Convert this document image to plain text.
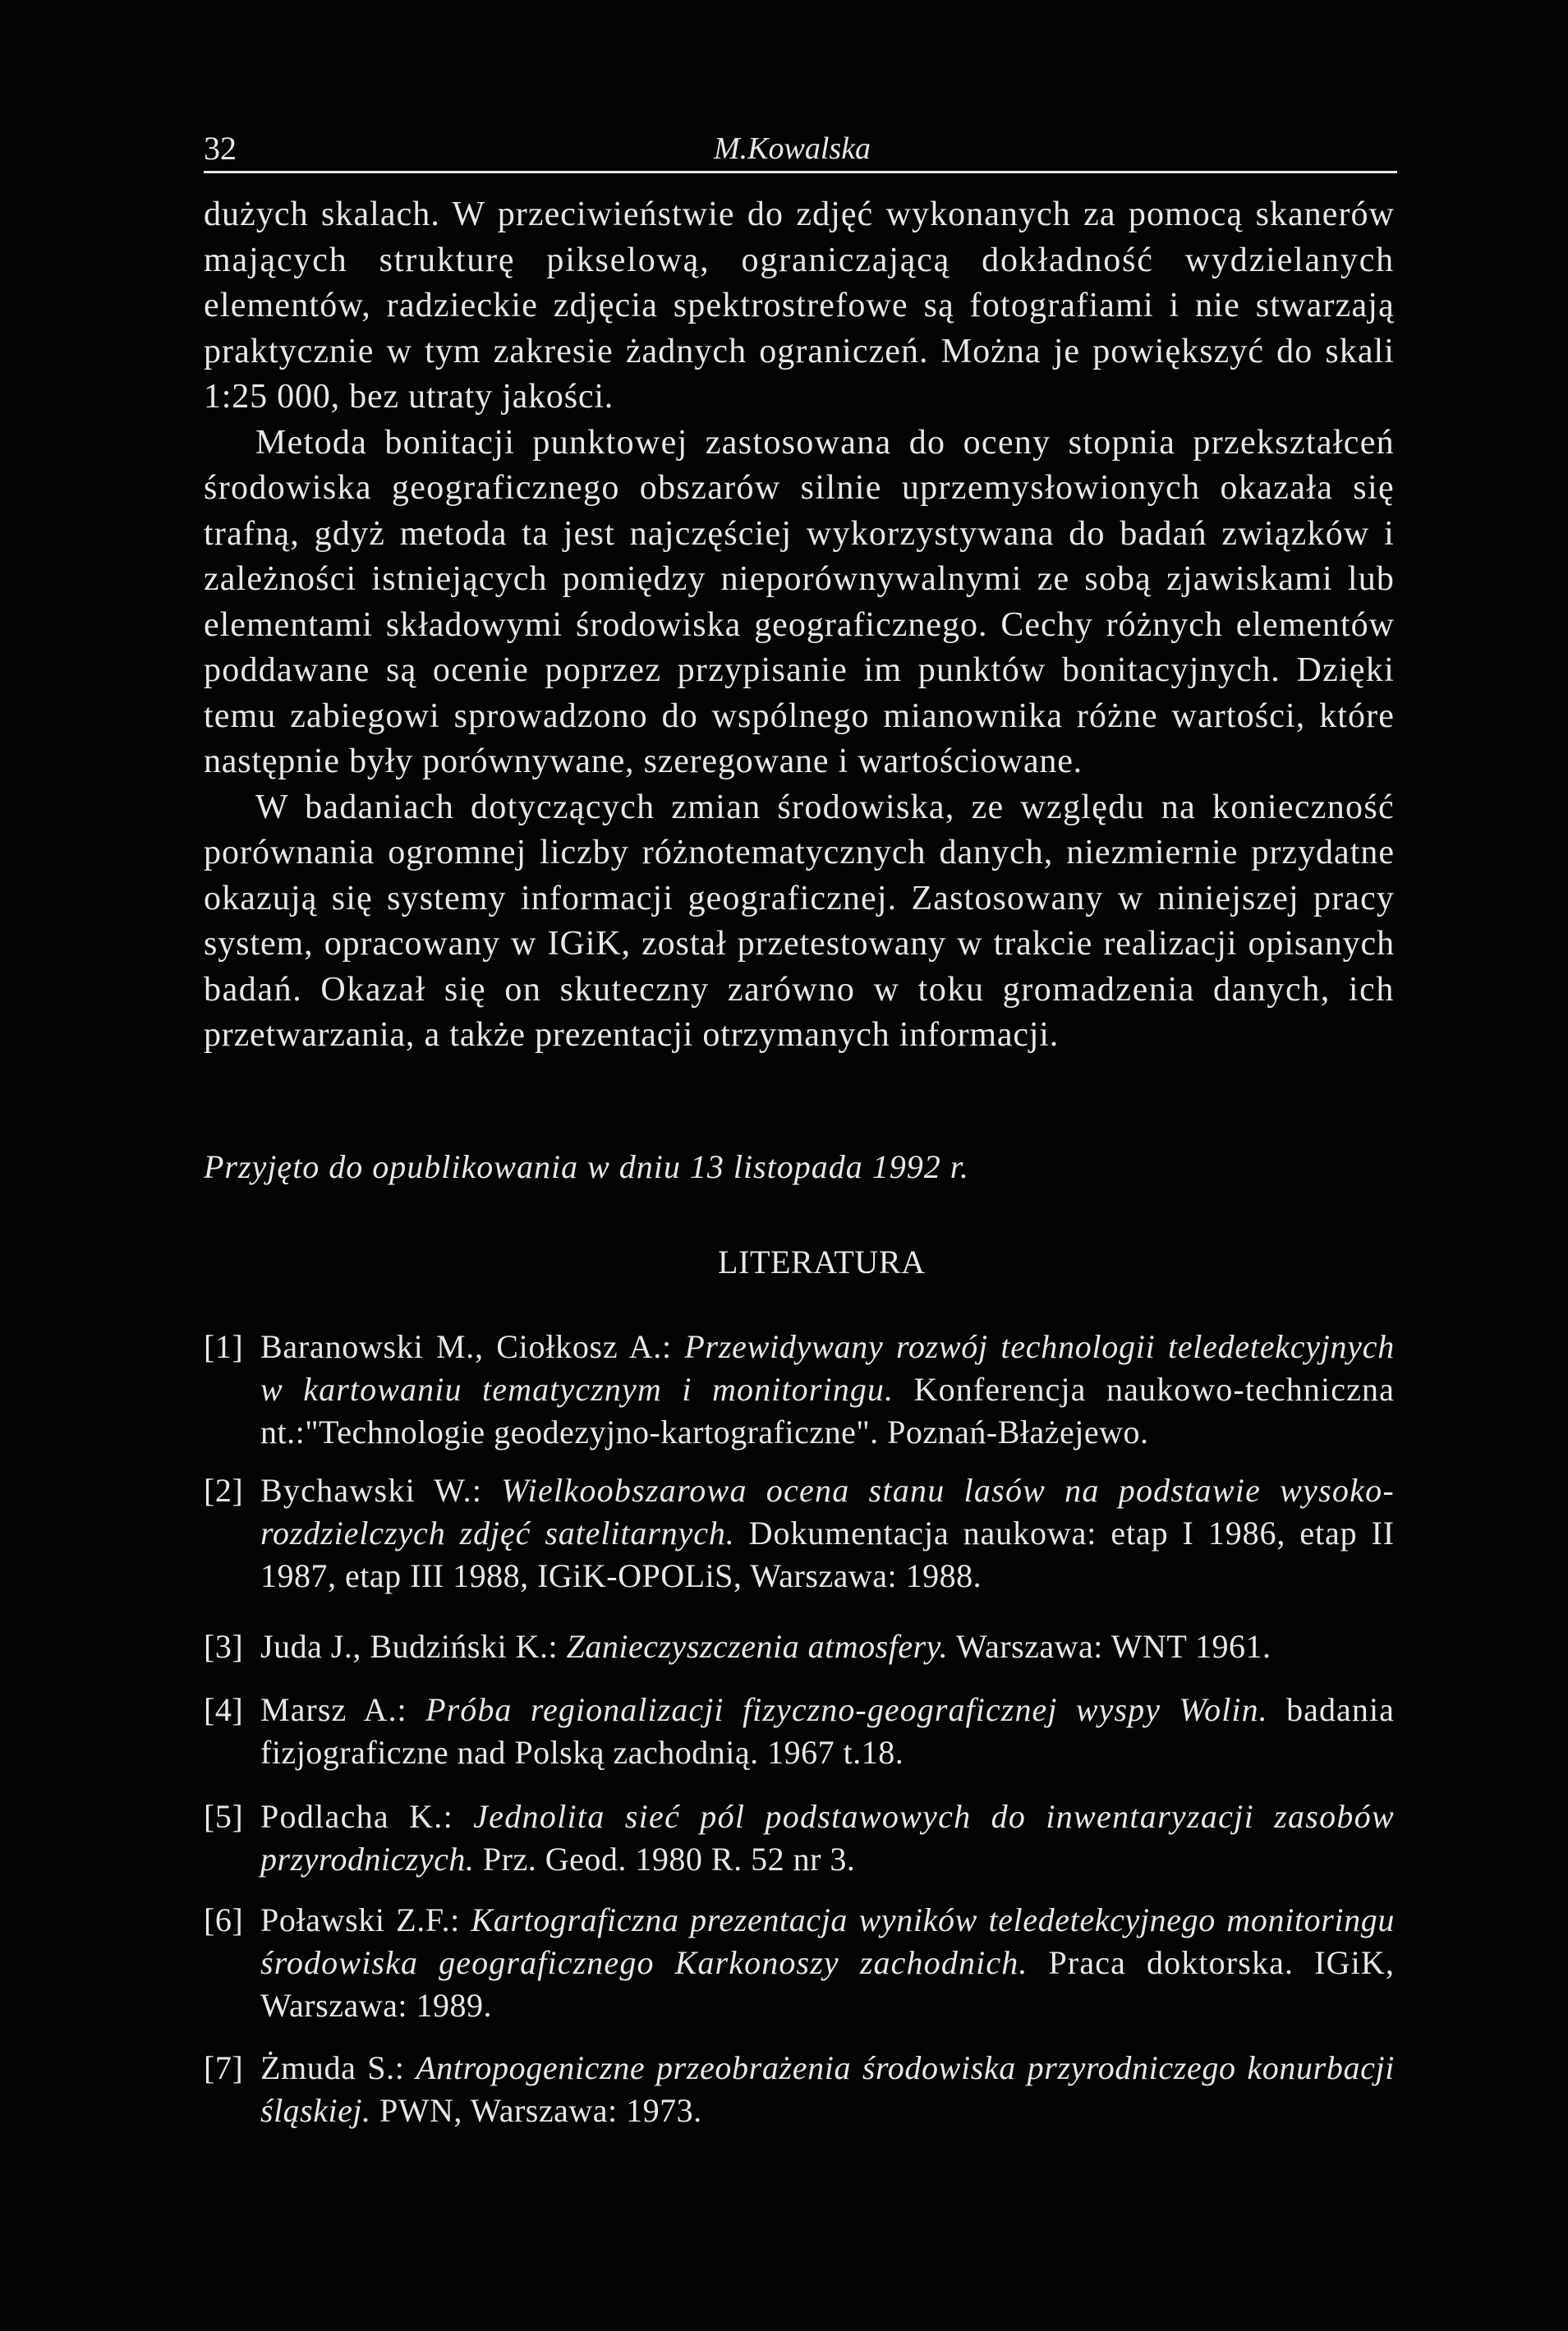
32	M.Kowalska
dużych skalach. W przeciwieństwie do zdjęć wykonanych za pomocą skanerów
mających strukturę pikselową, ograniczającą dokładność wydzielanych
elementów, radzieckie zdjęcia spektrostrefowe są fotografiami i nie stwarzają
praktycznie w tym zakresie żadnych ograniczeń. Można je powiększyć do skali
1:25 000, bez utraty jakości.
Metoda bonitacji punktowej zastosowana do oceny stopnia przekształceń
środowiska geograficznego obszarów silnie uprzemysłowionych okazała się
trafną, gdyż metoda ta jest najczęściej wykorzystywana do badań związków i
zależności istniejących pomiędzy nieporównywalnymi ze sobą zjawiskami lub
elementami składowymi środowiska geograficznego. Cechy różnych elementów
poddawane są ocenie poprzez przypisanie im punktów bonitacyjnych. Dzięki
temu zabiegowi sprowadzono do wspólnego mianownika różne wartości, które
następnie były porównywane, szeregowane i wartościowane.
W badaniach dotyczących zmian środowiska, ze względu na konieczność
porównania ogromnej liczby różnotematycznych danych, niezmiernie przydatne
okazują się systemy informacji geograficznej. Zastosowany w niniejszej pracy
system, opracowany w IGiK, został przetestowany w trakcie realizacji opisanych
badań. Okazał się on skuteczny zarówno w toku gromadzenia danych, ich
przetwarzania, a także prezentacji otrzymanych informacji.
Przyjęto do opublikowania w dniu 13 listopada 1992 r.
LITERATURA
[1] Baranowski M., Ciołkosz A.: Przewidywany rozwój technologii teledetekcyjnych
w kartowaniu tematycznym i monitoringu. Konferencja naukowo-techniczna
nt.:"Technologie geodezyjno-kartograficzne". Poznań-Błażejewo.
[2] Bychawski W.: Wielkoobszarowa ocena stanu lasów na podstawie wysoko-
rozdzielczych zdjęć satelitarnych. Dokumentacja naukowa: etap I 1986, etap II
1987, etap III 1988, IGiK-OPOLiS, Warszawa: 1988.
[3] Juda J., Budziński K.: Zanieczyszczenia atmosfery. Warszawa: WNT 1961.
[4] Marsz A.: Próba regionalizacji fizyczno-geograficznej wyspy Wolin. badania
fizjograficzne nad Polską zachodnią. 1967 t.18.
[5] Podlacha K.: Jednolita sieć pól podstawowych do inwentaryzacji zasobów
przyrodniczych. Prz. Geod. 1980 R. 52 nr 3.
[6] Poławski Z.F.: Kartograficzna prezentacja wyników teledetekcyjnego monitoringu
środowiska geograficznego Karkonoszy zachodnich. Praca doktorska. IGiK,
Warszawa: 1989.
[7] Żmuda S.: Antropogeniczne przeobrażenia środowiska przyrodniczego konurbacji
śląskiej. PWN, Warszawa: 1973.
